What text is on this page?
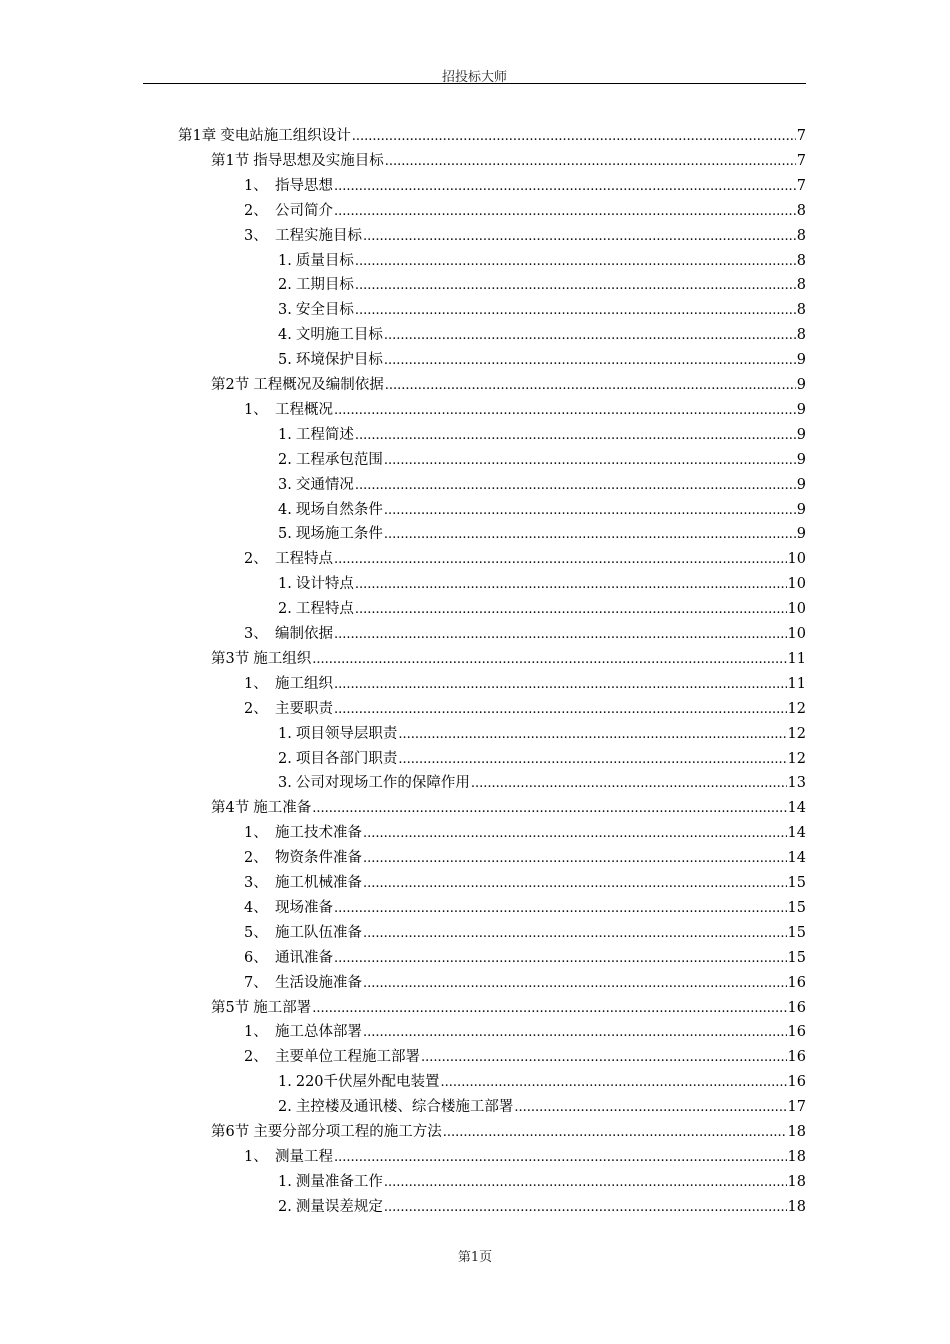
招投标大师
第1章 变电站施工组织设计 .....	7
第1节 指导思想及实施目标 .....	7
1、 指导思想 .....	7
2、 公司简介 .....	8
3、 工程实施目标 .....	8
1. 质量目标 .....	8
2. 工期目标 .....	8
3. 安全目标 .....	8
4. 文明施工目标 .....	8
5. 环境保护目标 .....	9
第2节 工程概况及编制依据 .....	9
1、 工程概况 .....	9
1. 工程简述 .....	9
2. 工程承包范围 .....	9
3. 交通情况 .....	9
4. 现场自然条件 .....	9
5. 现场施工条件 .....	9
2、 工程特点 .....	10
1. 设计特点 .....	10
2. 工程特点 .....	10
3、 编制依据 .....	10
第3节 施工组织 .....	11
1、 施工组织 .....	11
2、 主要职责 .....	12
1. 项目领导层职责 .....	12
2. 项目各部门职责 .....	12
3. 公司对现场工作的保障作用 .....	13
第4节 施工准备 .....	14
1、 施工技术准备 .....	14
2、 物资条件准备 .....	14
3、 施工机械准备 .....	15
4、 现场准备 .....	15
5、 施工队伍准备 .....	15
6、 通讯准备 .....	15
7、 生活设施准备 .....	16
第5节 施工部署 .....	16
1、 施工总体部署 .....	16
2、 主要单位工程施工部署 .....	16
1. 220千伏屋外配电装置 .....	16
2. 主控楼及通讯楼、综合楼施工部署 .....	17
第6节 主要分部分项工程的施工方法 .....	18
1、 测量工程 .....	18
1. 测量准备工作 .....	18
2. 测量误差规定 .....	18
第1页
